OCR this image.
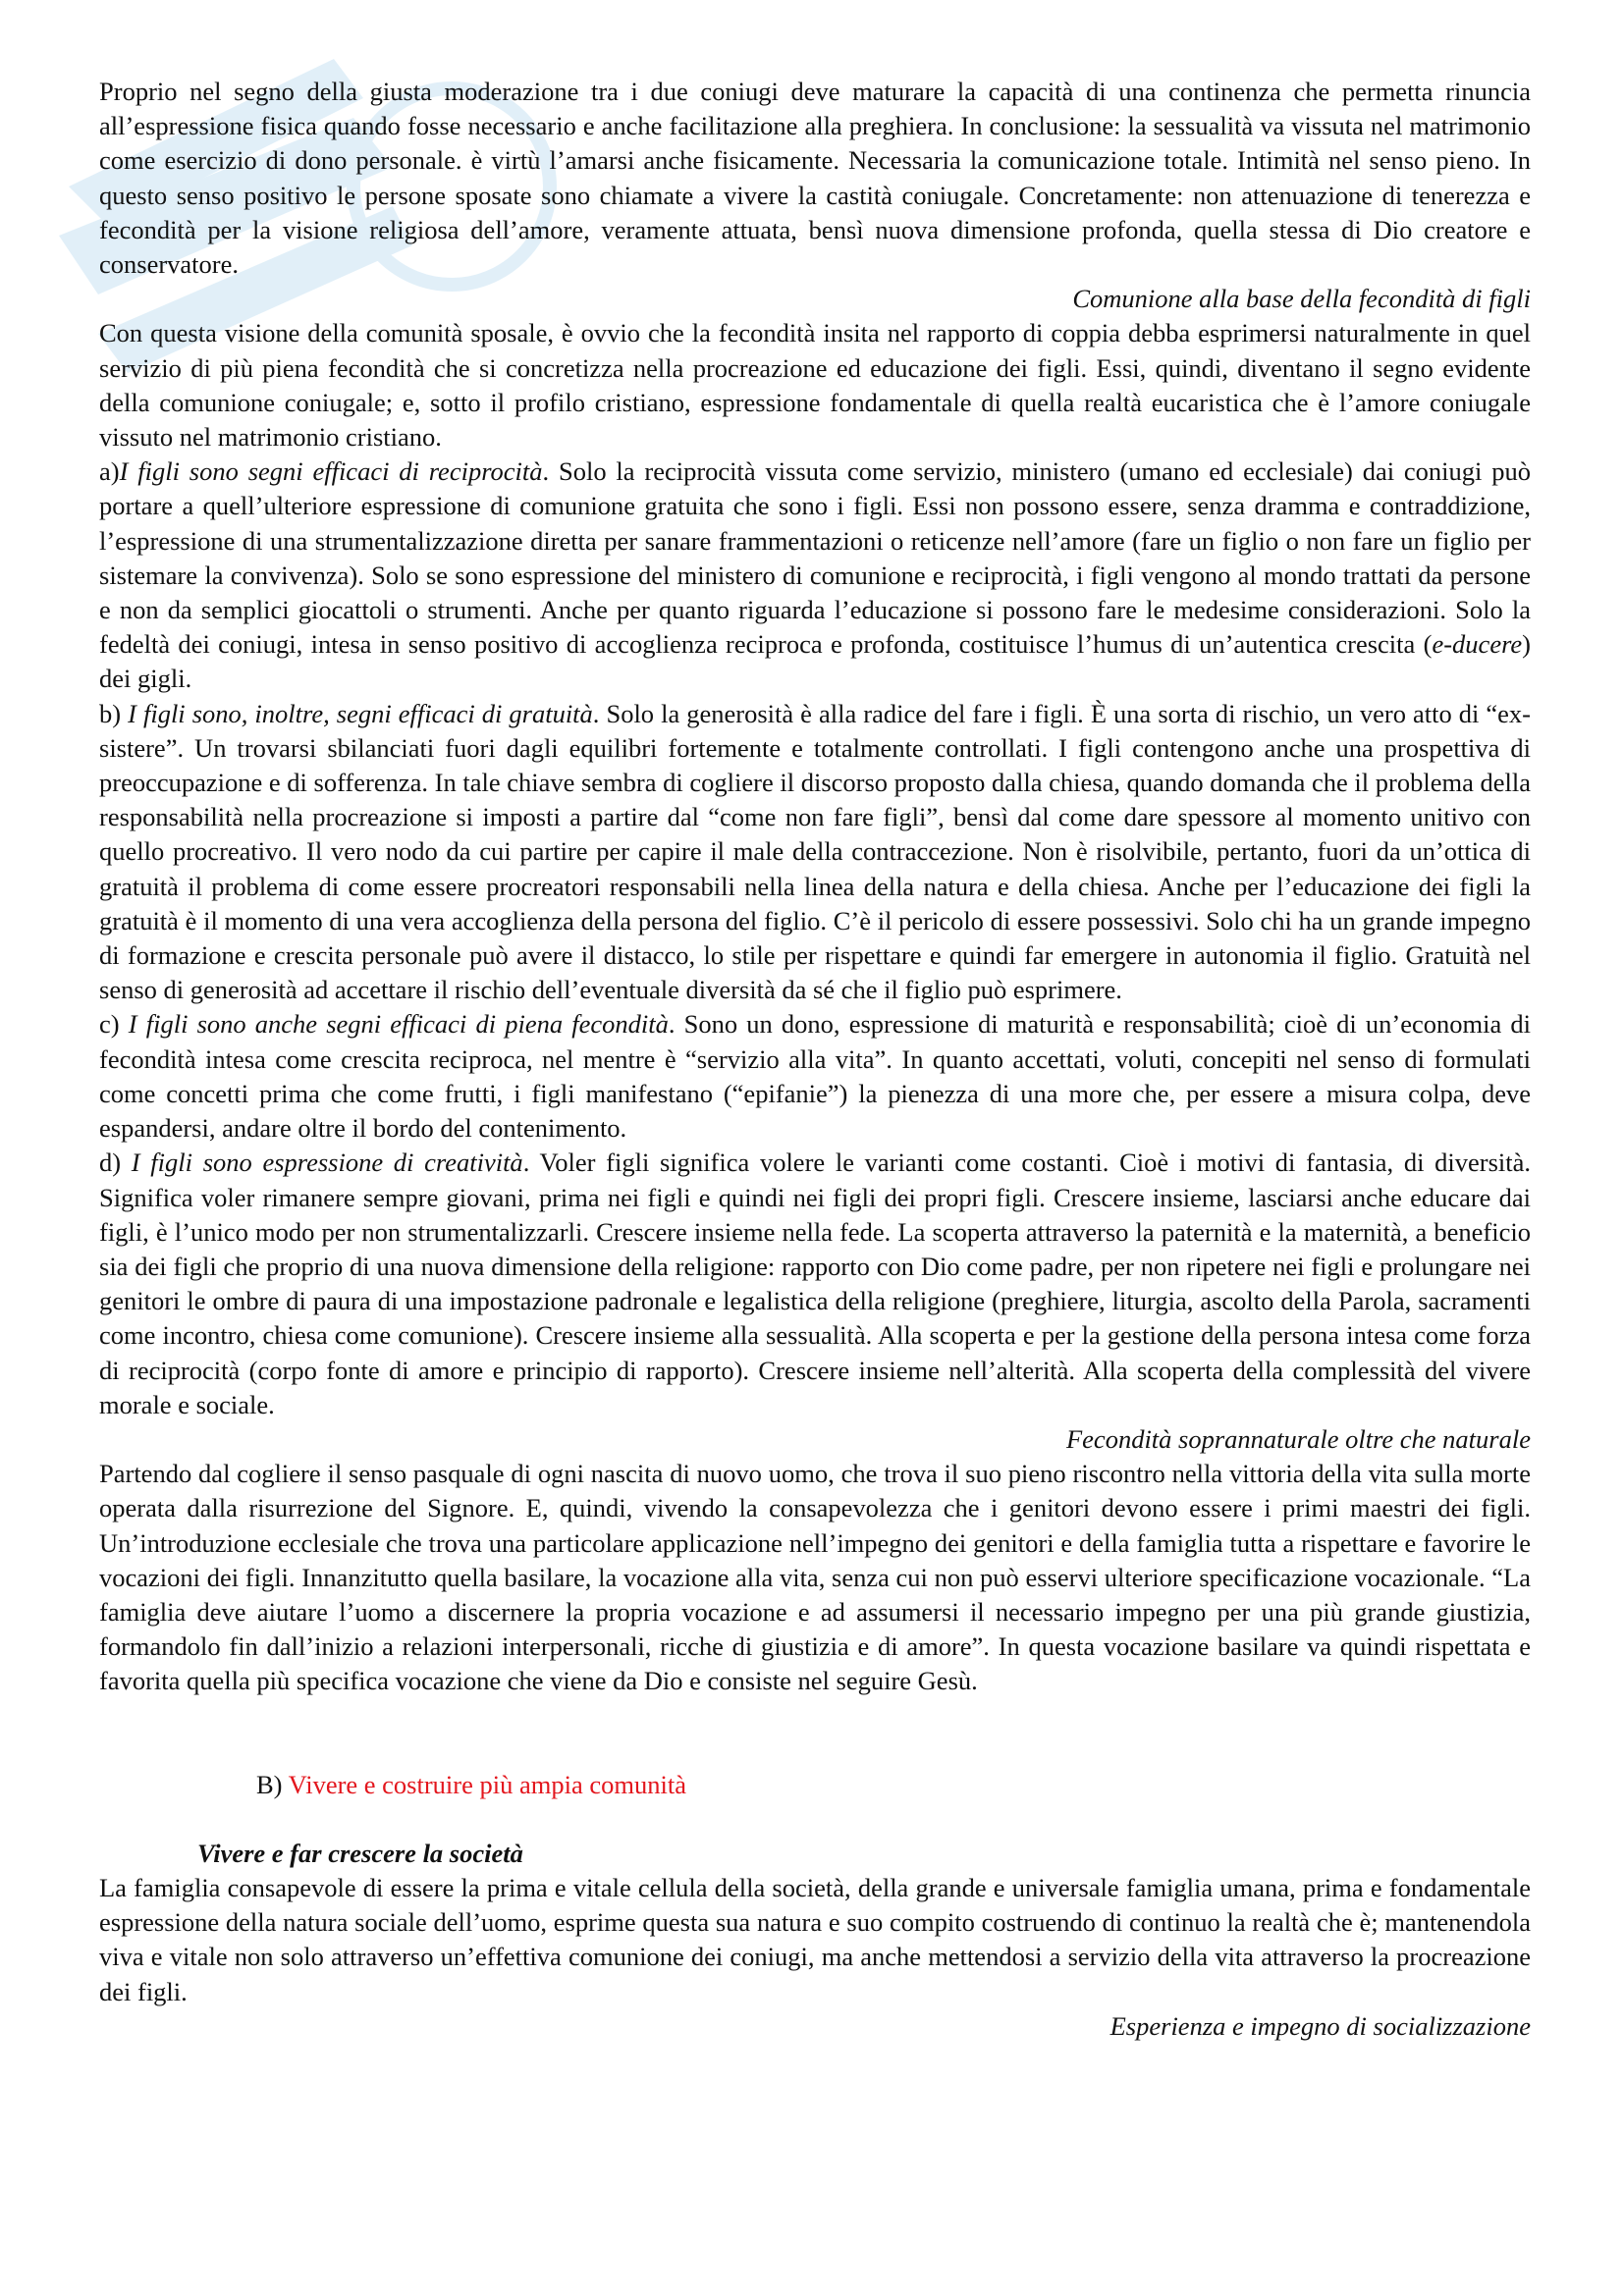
Proprio nel segno della giusta moderazione tra i due coniugi deve maturare la capacità di una continenza che permetta rinuncia all’espressione fisica quando fosse necessario e anche facilitazione alla preghiera. In conclusione: la sessualità va vissuta nel matrimonio come esercizio di dono personale. è virtù l’amarsi anche fisicamente. Necessaria la comunicazione totale. Intimità nel senso pieno. In questo senso positivo le persone sposate sono chiamate a vivere la castità coniugale. Concretamente: non attenuazione di tenerezza e fecondità per la visione religiosa dell’amore, veramente attuata, bensì nuova dimensione profonda, quella stessa di Dio creatore e conservatore.

Comunione alla base della fecondità di figli

Con questa visione della comunità sposale, è ovvio che la fecondità insita nel rapporto di coppia debba esprimersi naturalmente in quel servizio di più piena fecondità che si concretizza nella procreazione ed educazione dei figli. Essi, quindi, diventano il segno evidente della comunione coniugale; e, sotto il profilo cristiano, espressione fondamentale di quella realtà eucaristica che è l’amore coniugale vissuto nel matrimonio cristiano.

a)I figli sono segni efficaci di reciprocità. Solo la reciprocità vissuta come servizio, ministero (umano ed ecclesiale) dai coniugi può portare a quell’ulteriore espressione di comunione gratuita che sono i figli. Essi non possono essere, senza dramma e contraddizione, l’espressione di una strumentalizzazione diretta per sanare frammentazioni o reticenze nell’amore (fare un figlio o non fare un figlio per sistemare la convivenza). Solo se sono espressione del ministero di comunione e reciprocità, i figli vengono al mondo trattati da persone e non da semplici giocattoli o strumenti. Anche per quanto riguarda l’educazione si possono fare le medesime considerazioni. Solo la fedeltà dei coniugi, intesa in senso positivo di accoglienza reciproca e profonda, costituisce l’humus di un’autentica crescita (e-ducere) dei gigli.

b) I figli sono, inoltre, segni efficaci di gratuità. Solo la generosità è alla radice del fare i figli. È una sorta di rischio, un vero atto di “ex-sistere”. Un trovarsi sbilanciati fuori dagli equilibri fortemente e totalmente controllati. I figli contengono anche una prospettiva di preoccupazione e di sofferenza. In tale chiave sembra di cogliere il discorso proposto dalla chiesa, quando domanda che il problema della responsabilità nella procreazione si imposti a partire dal “come non fare figli”, bensì dal come dare spessore al momento unitivo con quello procreativo. Il vero nodo da cui partire per capire il male della contraccezione. Non è risolvibile, pertanto, fuori da un’ottica di gratuità il problema di come essere procreatori responsabili nella linea della natura e della chiesa. Anche per l’educazione dei figli la gratuità è il momento di una vera accoglienza della persona del figlio. C’è il pericolo di essere possessivi. Solo chi ha un grande impegno di formazione e crescita personale può avere il distacco, lo stile per rispettare e quindi far emergere in autonomia il figlio. Gratuità nel senso di generosità ad accettare il rischio dell’eventuale diversità da sé che il figlio può esprimere.

c) I figli sono anche segni efficaci di piena fecondità. Sono un dono, espressione di maturità e responsabilità; cioè di un’economia di fecondità intesa come crescita reciproca, nel mentre è “servizio alla vita”. In quanto accettati, voluti, concepiti nel senso di formulati come concetti prima che come frutti, i figli manifestano (“epifanie”) la pienezza di una more che, per essere a misura colpa, deve espandersi, andare oltre il bordo del contenimento.

d) I figli sono espressione di creatività. Voler figli significa volere le varianti come costanti. Cioè i motivi di fantasia, di diversità. Significa voler rimanere sempre giovani, prima nei figli e quindi nei figli dei propri figli. Crescere insieme, lasciarsi anche educare dai figli, è l’unico modo per non strumentalizzarli. Crescere insieme nella fede. La scoperta attraverso la paternità e la maternità, a beneficio sia dei figli che proprio di una nuova dimensione della religione: rapporto con Dio come padre, per non ripetere nei figli e prolungare nei genitori le ombre di paura di una impostazione padronale e legalistica della religione (preghiere, liturgia, ascolto della Parola, sacramenti come incontro, chiesa come comunione). Crescere insieme alla sessualità. Alla scoperta e per la gestione della persona intesa come forza di reciprocità (corpo fonte di amore e principio di rapporto). Crescere insieme nell’alterità. Alla scoperta della complessità del vivere morale e sociale.

Fecondità soprannaturale oltre che naturale

Partendo dal cogliere il senso pasquale di ogni nascita di nuovo uomo, che trova il suo pieno riscontro nella vittoria della vita sulla morte operata dalla risurrezione del Signore. E, quindi, vivendo la consapevolezza che i genitori devono essere i primi maestri dei figli. Un’introduzione ecclesiale che trova una particolare applicazione nell’impegno dei genitori e della famiglia tutta a rispettare e favorire le vocazioni dei figli. Innanzitutto quella basilare, la vocazione alla vita, senza cui non può esservi ulteriore specificazione vocazionale. “La famiglia deve aiutare l’uomo a discernere la propria vocazione e ad assumersi il necessario impegno per una più grande giustizia, formandolo fin dall’inizio a relazioni interpersonali, ricche di giustizia e di amore”. In questa vocazione basilare va quindi rispettata e favorita quella più specifica vocazione che viene da Dio e consiste nel seguire Gesù.

B) Vivere e costruire più ampia comunità

Vivere e far crescere la società

La famiglia consapevole di essere la prima e vitale cellula della società, della grande e universale famiglia umana, prima e fondamentale espressione della natura sociale dell’uomo, esprime questa sua natura e suo compito costruendo di continuo la realtà che è; mantenendola viva e vitale non solo attraverso un’effettiva comunione dei coniugi, ma anche mettendosi a servizio della vita attraverso la procreazione dei figli.

Esperienza e impegno di socializzazione
